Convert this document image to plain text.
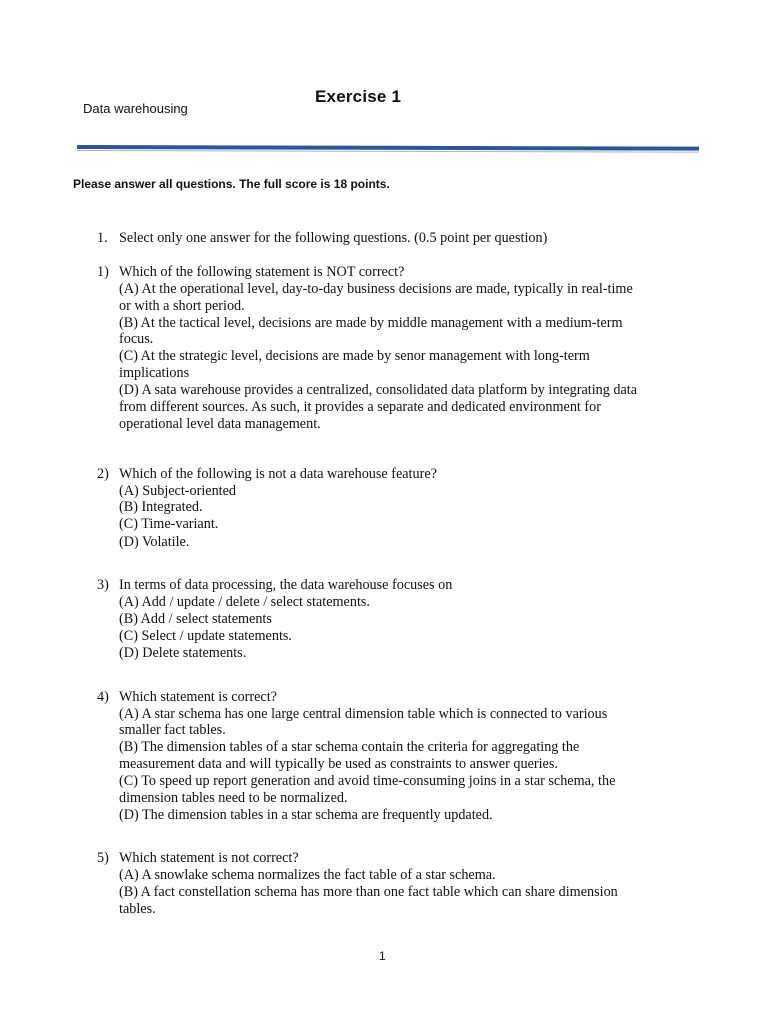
Data warehousing
Exercise 1
Please answer all questions. The full score is 18 points.
1. Select only one answer for the following questions. (0.5 point per question)
1) Which of the following statement is NOT correct?
(A) At the operational level, day-to-day business decisions are made, typically in real-time
or with a short period.
(B) At the tactical level, decisions are made by middle management with a medium-term
focus.
(C) At the strategic level, decisions are made by senor management with long-term
implications
(D) A sata warehouse provides a centralized, consolidated data platform by integrating data
from different sources. As such, it provides a separate and dedicated environment for
operational level data management.
2) Which of the following is not a data warehouse feature?
(A) Subject-oriented
(B) Integrated.
(C) Time-variant.
(D) Volatile.
3) In terms of data processing, the data warehouse focuses on
(A) Add / update / delete / select statements.
(B) Add / select statements
(C) Select / update statements.
(D) Delete statements.
4) Which statement is correct?
(A) A star schema has one large central dimension table which is connected to various
smaller fact tables.
(B) The dimension tables of a star schema contain the criteria for aggregating the
measurement data and will typically be used as constraints to answer queries.
(C) To speed up report generation and avoid time-consuming joins in a star schema, the
dimension tables need to be normalized.
(D) The dimension tables in a star schema are frequently updated.
5) Which statement is not correct?
(A) A snowlake schema normalizes the fact table of a star schema.
(B) A fact constellation schema has more than one fact table which can share dimension
tables.
1
